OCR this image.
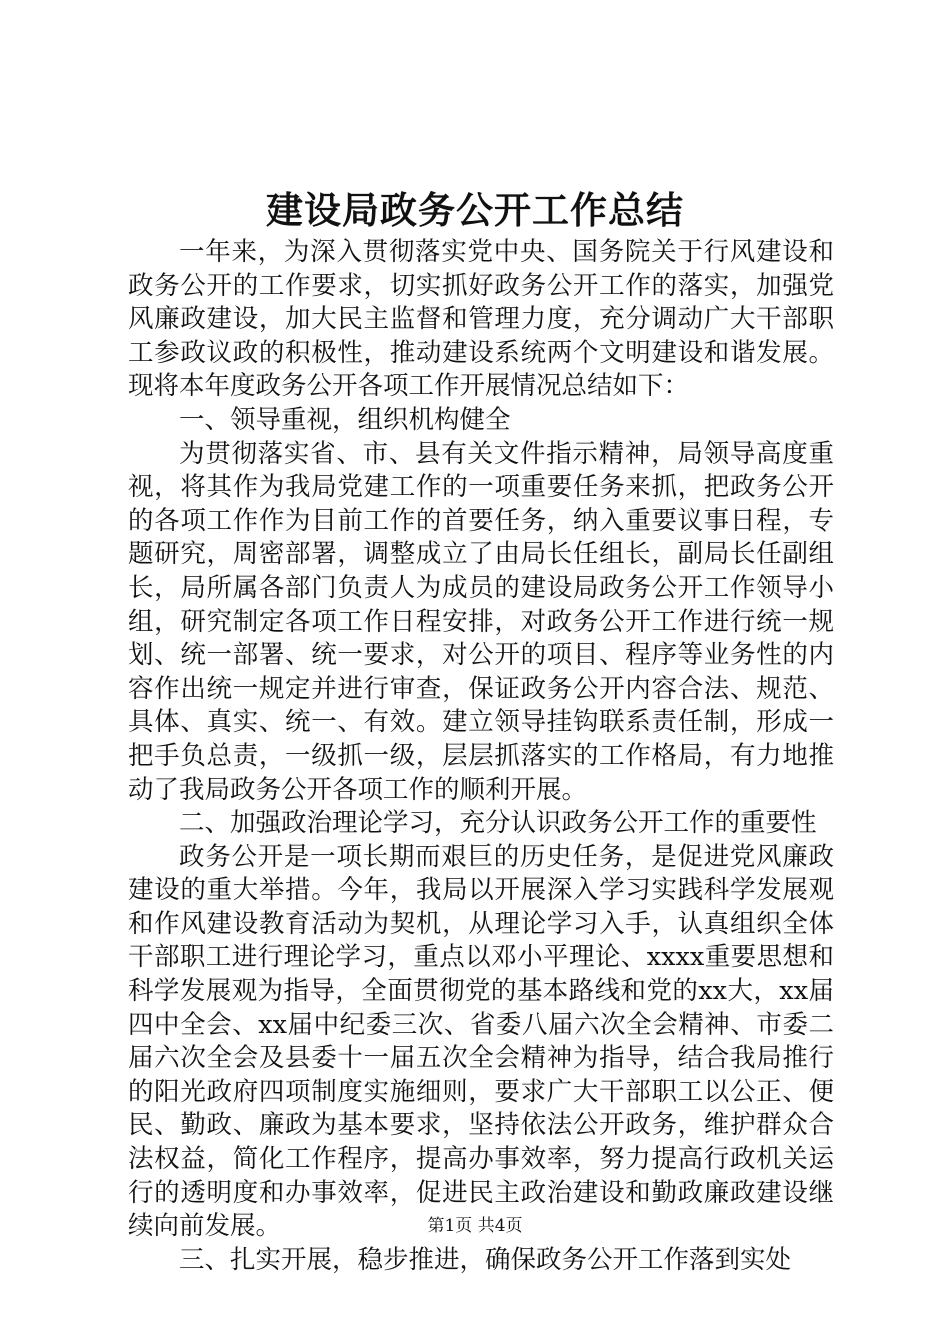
建设局政务公开工作总结

一年来，为深入贯彻落实党中央、国务院关于行风建设和政务公开的工作要求，切实抓好政务公开工作的落实，加强党风廉政建设，加大民主监督和管理力度，充分调动广大干部职工参政议政的积极性，推动建设系统两个文明建设和谐发展。现将本年度政务公开各项工作开展情况总结如下：

一、领导重视，组织机构健全

为贯彻落实省、市、县有关文件指示精神，局领导高度重视，将其作为我局党建工作的一项重要任务来抓，把政务公开的各项工作作为目前工作的首要任务，纳入重要议事日程，专题研究，周密部署，调整成立了由局长任组长，副局长任副组长，局所属各部门负责人为成员的建设局政务公开工作领导小组，研究制定各项工作日程安排，对政务公开工作进行统一规划、统一部署、统一要求，对公开的项目、程序等业务性的内容作出统一规定并进行审查，保证政务公开内容合法、规范、具体、真实、统一、有效。建立领导挂钩联系责任制，形成一把手负总责，一级抓一级，层层抓落实的工作格局，有力地推动了我局政务公开各项工作的顺利开展。

二、加强政治理论学习，充分认识政务公开工作的重要性

政务公开是一项长期而艰巨的历史任务，是促进党风廉政建设的重大举措。今年，我局以开展深入学习实践科学发展观和作风建设教育活动为契机，从理论学习入手，认真组织全体干部职工进行理论学习，重点以邓小平理论、xxxx重要思想和科学发展观为指导，全面贯彻党的基本路线和党的xx大，xx届四中全会、xx届中纪委三次、省委八届六次全会精神、市委二届六次全会及县委十一届五次全会精神为指导，结合我局推行的阳光政府四项制度实施细则，要求广大干部职工以公正、便民、勤政、廉政为基本要求，坚持依法公开政务，维护群众合法权益，简化工作程序，提高办事效率，努力提高行政机关运行的透明度和办事效率，促进民主政治建设和勤政廉政建设继续向前发展。

三、扎实开展，稳步推进，确保政务公开工作落到实处

第1页 共4页
